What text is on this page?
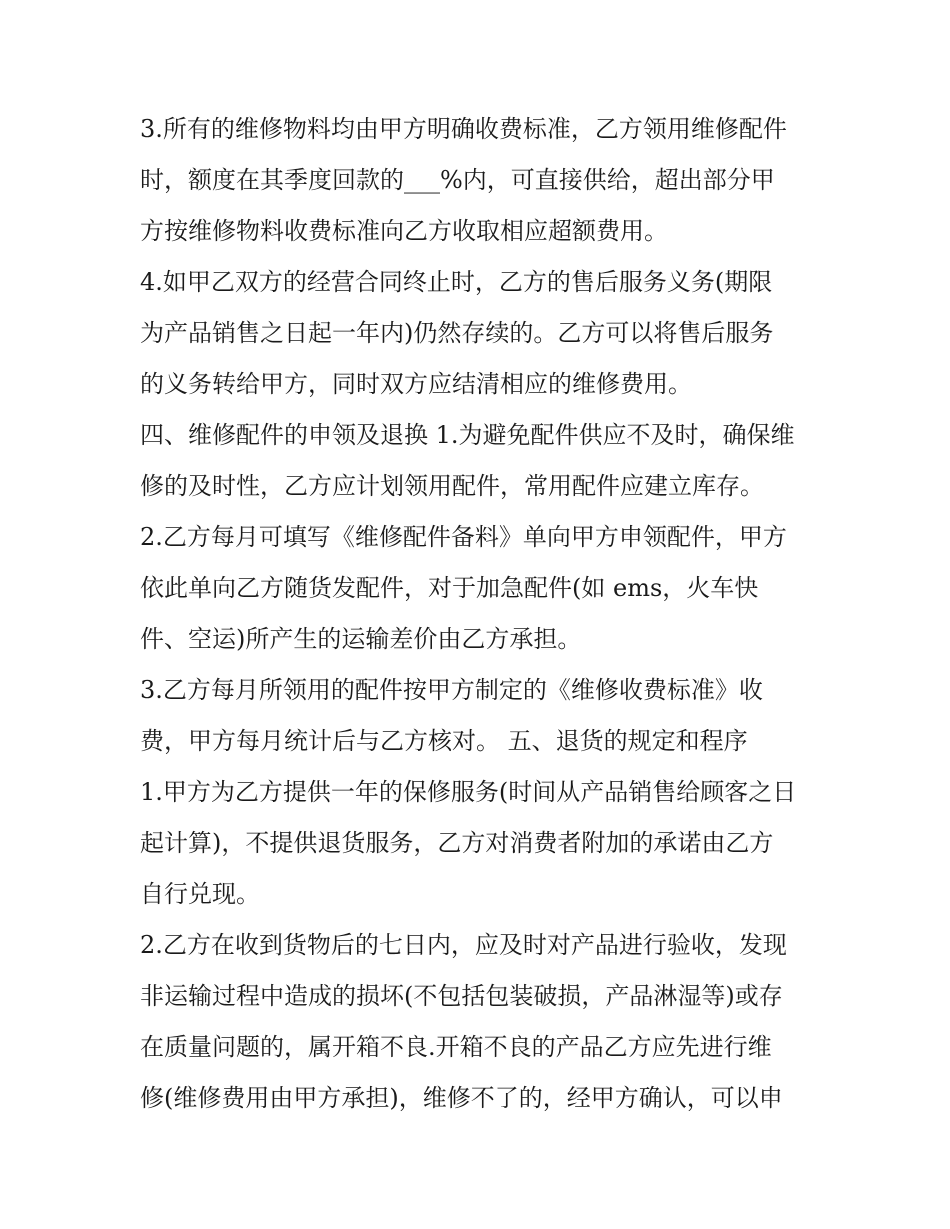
3.所有的维修物料均由甲方明确收费标准，乙方领用维修配件
时，额度在其季度回款的___%内，可直接供给，超出部分甲
方按维修物料收费标准向乙方收取相应超额费用。
4.如甲乙双方的经营合同终止时，乙方的售后服务义务(期限
为产品销售之日起一年内)仍然存续的。乙方可以将售后服务
的义务转给甲方，同时双方应结清相应的维修费用。
四、维修配件的申领及退换 1.为避免配件供应不及时，确保维
修的及时性，乙方应计划领用配件，常用配件应建立库存。
2.乙方每月可填写《维修配件备料》单向甲方申领配件，甲方
依此单向乙方随货发配件，对于加急配件(如 ems，火车快
件、空运)所产生的运输差价由乙方承担。
3.乙方每月所领用的配件按甲方制定的《维修收费标准》收
费，甲方每月统计后与乙方核对。 五、退货的规定和程序
1.甲方为乙方提供一年的保修服务(时间从产品销售给顾客之日
起计算)，不提供退货服务，乙方对消费者附加的承诺由乙方
自行兑现。
2.乙方在收到货物后的七日内，应及时对产品进行验收，发现
非运输过程中造成的损坏(不包括包装破损，产品淋湿等)或存
在质量问题的，属开箱不良.开箱不良的产品乙方应先进行维
修(维修费用由甲方承担)，维修不了的，经甲方确认，可以申
